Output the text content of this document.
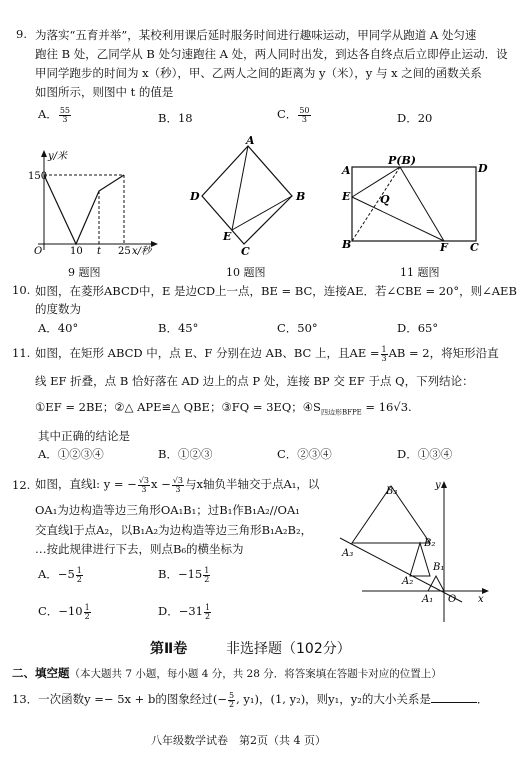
9. 为落实“五育并举”，某校利用课后延时服务时间进行趣味运动，甲同学从跑道 A 处匀速
跑往 B 处，乙同学从 B 处匀速跑往 A 处，两人同时出发，到达各自终点后立即停止运动．设
甲同学跑步的时间为 x（秒），甲、乙两人之间的距离为 y（米），y 与 x 之间的函数关系
如图所示，则图中 t 的值是
A． $\frac{55}{3}$	B．18	C． $\frac{50}{3}$	D．20
y/米
150
O	10 t 25 x/秒
9 题图
A
B
C
D
E
10 题图
A
P(B)
D
E	Q
B	F C
11 题图
10. 如图，在菱形ABCD中，E 是边CD上一点，BE = BC，连接AE．若∠CBE = 20°，则∠AEB
的度数为
A．40°	B．45°	C．50°	D．65°
11. 如图，在矩形 ABCD 中，点 E、F 分别在边 AB、BC 上，且AE = $\frac{1}{3}$ AB = 2，将矩形沿直
线 EF 折叠，点 B 恰好落在 AD 边上的点 P 处，连接 BP 交 EF 于点 Q，下列结论：
①EF = 2BE；②△ APE≌△ QBE；③FQ = 3EQ；$④S_{四边形BFPE} = 16√3$.
其中正确的结论是
A．①②③④	B．①②③	C．②③④	D．①③④
12. 如图，直线l: y = − $\frac{√3}{3}$ $x - \frac{√3}{3}$ 与x轴负半轴交于点A₁，以
OA₁为边构造等边三角形OA₁B₁；过B₁作B₁A₂//OA₁
交直线l于点A₂，以B₁A₂为边构造等边三角形B₁A₂B₂，
…按此规律进行下去，则点B₆的横坐标为
A．$-5 \frac{1}{2}$	B．$-15 \frac{1}{2}$
C．$-10 \frac{1}{2}$	D．$-31 \frac{1}{2}$
B₃
y
B₂
A₃
B₁
A₂
A₁ O x
第Ⅱ卷	非选择题（102分）
二、填空题（本大题共 7 小题，每小题 4 分，共 28 分．将答案填在答题卡对应的位置上）
13．一次函数y =− 5x + b的图象经过(− $\frac{5}{2}$ , y₁)，(1, y₂)，则y₁，y₂的大小关系是	．
八年级数学试卷　第2页（共 4 页）
